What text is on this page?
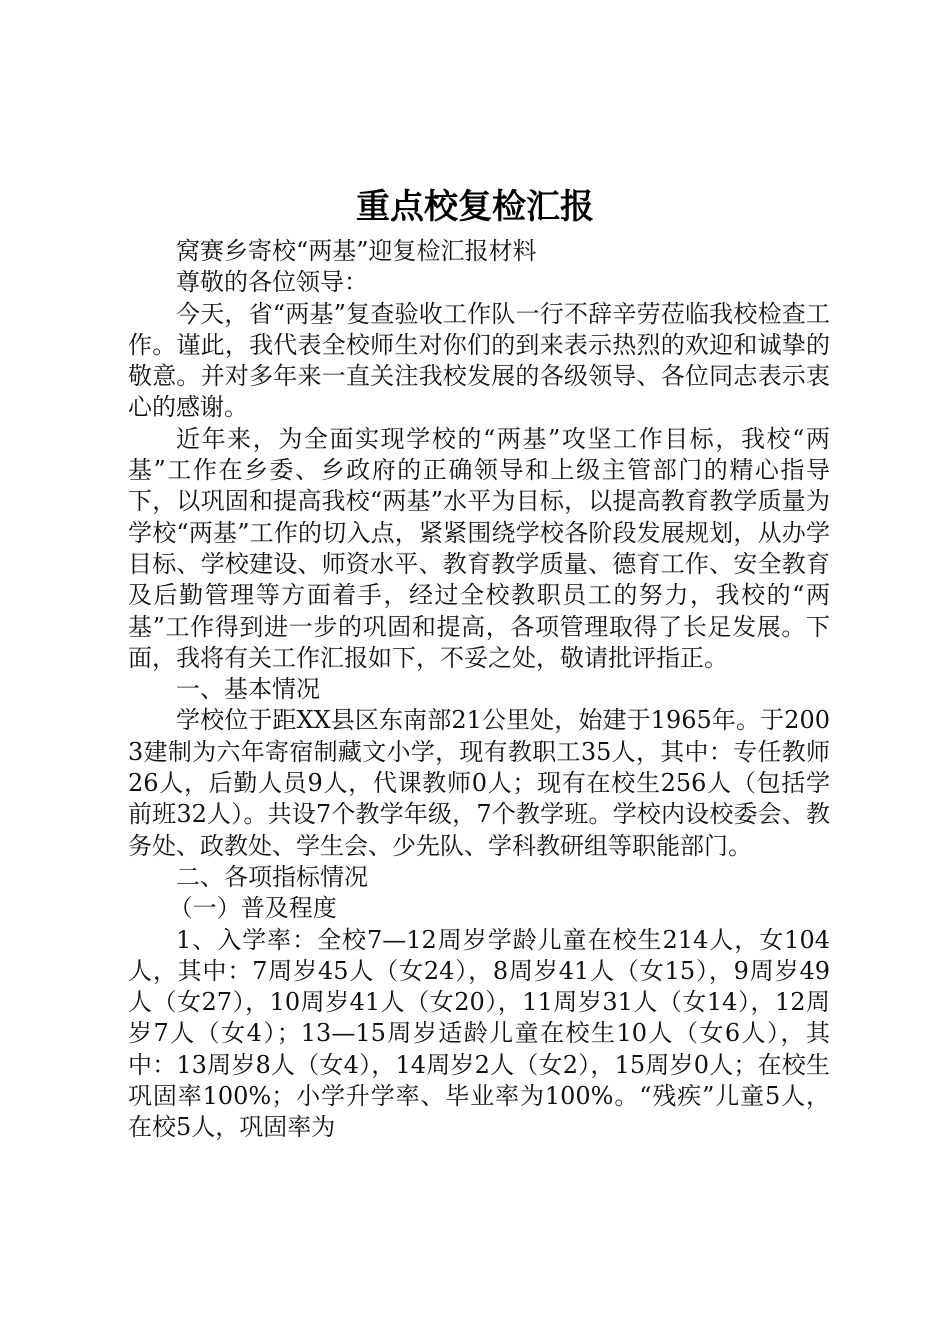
重点校复检汇报

窝赛乡寄校“两基”迎复检汇报材料

尊敬的各位领导：

今天，省“两基”复查验收工作队一行不辞辛劳莅临我校检查工作。谨此，我代表全校师生对你们的到来表示热烈的欢迎和诚挚的敬意。并对多年来一直关注我校发展的各级领导、各位同志表示衷心的感谢。

近年来，为全面实现学校的“两基”攻坚工作目标，我校“两基”工作在乡委、乡政府的正确领导和上级主管部门的精心指导下，以巩固和提高我校“两基”水平为目标，以提高教育教学质量为学校“两基”工作的切入点，紧紧围绕学校各阶段发展规划，从办学目标、学校建设、师资水平、教育教学质量、德育工作、安全教育及后勤管理等方面着手，经过全校教职员工的努力，我校的“两基”工作得到进一步的巩固和提高，各项管理取得了长足发展。下面，我将有关工作汇报如下，不妥之处，敬请批评指正。

一、基本情况

学校位于距XX县区东南部21公里处，始建于1965年。于2003建制为六年寄宿制藏文小学，现有教职工35人，其中：专任教师26人，后勤人员9人，代课教师0人；现有在校生256人（包括学前班32人）。共设7个教学年级，7个教学班。学校内设校委会、教务处、政教处、学生会、少先队、学科教研组等职能部门。

二、各项指标情况

（一）普及程度

1、入学率：全校7—12周岁学龄儿童在校生214人，女104人，其中：7周岁45人（女24），8周岁41人（女15），9周岁49人（女27），10周岁41人（女20），11周岁31人（女14），12周岁7人（女4）；13—15周岁适龄儿童在校生10人（女6人），其中：13周岁8人（女4），14周岁2人（女2），15周岁0人；在校生巩固率100%；小学升学率、毕业率为100%。“残疾”儿童5人，在校5人，巩固率为
